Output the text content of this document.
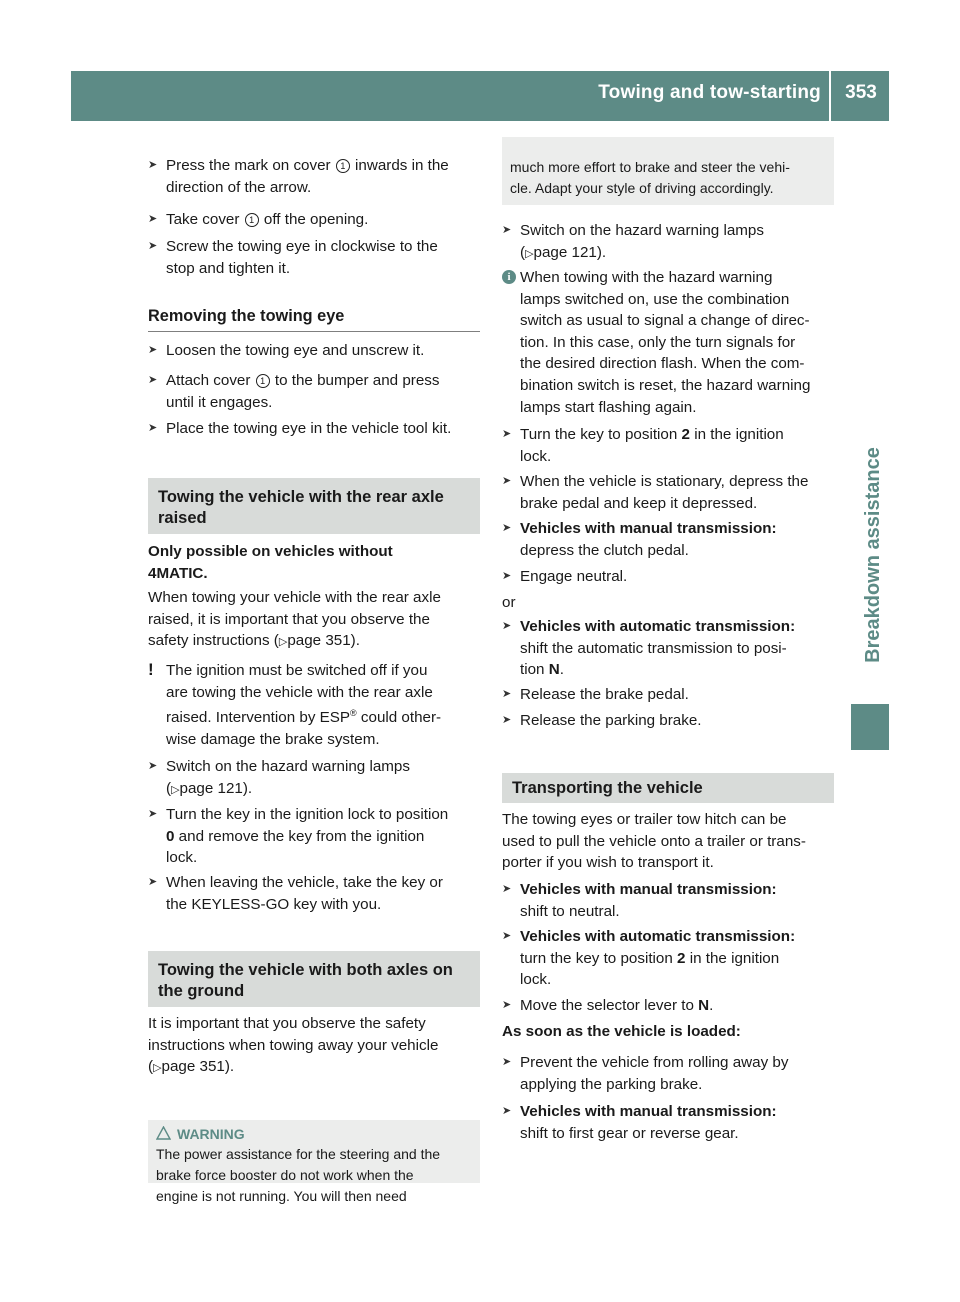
Towing and tow-starting	353
Breakdown assistance
➤ Press the mark on cover 1 inwards in the
direction of the arrow.
➤ Take cover 1 off the opening.
➤ Screw the towing eye in clockwise to the
stop and tighten it.
Removing the towing eye
➤ Loosen the towing eye and unscrew it.
➤ Attach cover 1 to the bumper and press
until it engages.
➤ Place the towing eye in the vehicle tool kit.
Towing the vehicle with the rear axle
raised
Only possible on vehicles without
4MATIC.
When towing your vehicle with the rear axle
raised, it is important that you observe the
safety instructions (▷page 351).
! The ignition must be switched off if you
are towing the vehicle with the rear axle
raised. Intervention by ESP® could other-
wise damage the brake system.
➤ Switch on the hazard warning lamps
(▷page 121).
➤ Turn the key in the ignition lock to position
0 and remove the key from the ignition
lock.
➤ When leaving the vehicle, take the key or
the KEYLESS-GO key with you.
Towing the vehicle with both axles on
the ground
It is important that you observe the safety
instructions when towing away your vehicle
(▷page 351).
WARNING
The power assistance for the steering and the
brake force booster do not work when the
engine is not running. You will then need
much more effort to brake and steer the vehi-
cle. Adapt your style of driving accordingly.
➤ Switch on the hazard warning lamps
(▷page 121).
i When towing with the hazard warning
lamps switched on, use the combination
switch as usual to signal a change of direc-
tion. In this case, only the turn signals for
the desired direction flash. When the com-
bination switch is reset, the hazard warning
lamps start flashing again.
➤ Turn the key to position 2 in the ignition
lock.
➤ When the vehicle is stationary, depress the
brake pedal and keep it depressed.
➤ Vehicles with manual transmission:
depress the clutch pedal.
➤ Engage neutral.
or
➤ Vehicles with automatic transmission:
shift the automatic transmission to posi-
tion N.
➤ Release the brake pedal.
➤ Release the parking brake.
Transporting the vehicle
The towing eyes or trailer tow hitch can be
used to pull the vehicle onto a trailer or trans-
porter if you wish to transport it.
➤ Vehicles with manual transmission:
shift to neutral.
➤ Vehicles with automatic transmission:
turn the key to position 2 in the ignition
lock.
➤ Move the selector lever to N.
As soon as the vehicle is loaded:
➤ Prevent the vehicle from rolling away by
applying the parking brake.
➤ Vehicles with manual transmission:
shift to first gear or reverse gear.
